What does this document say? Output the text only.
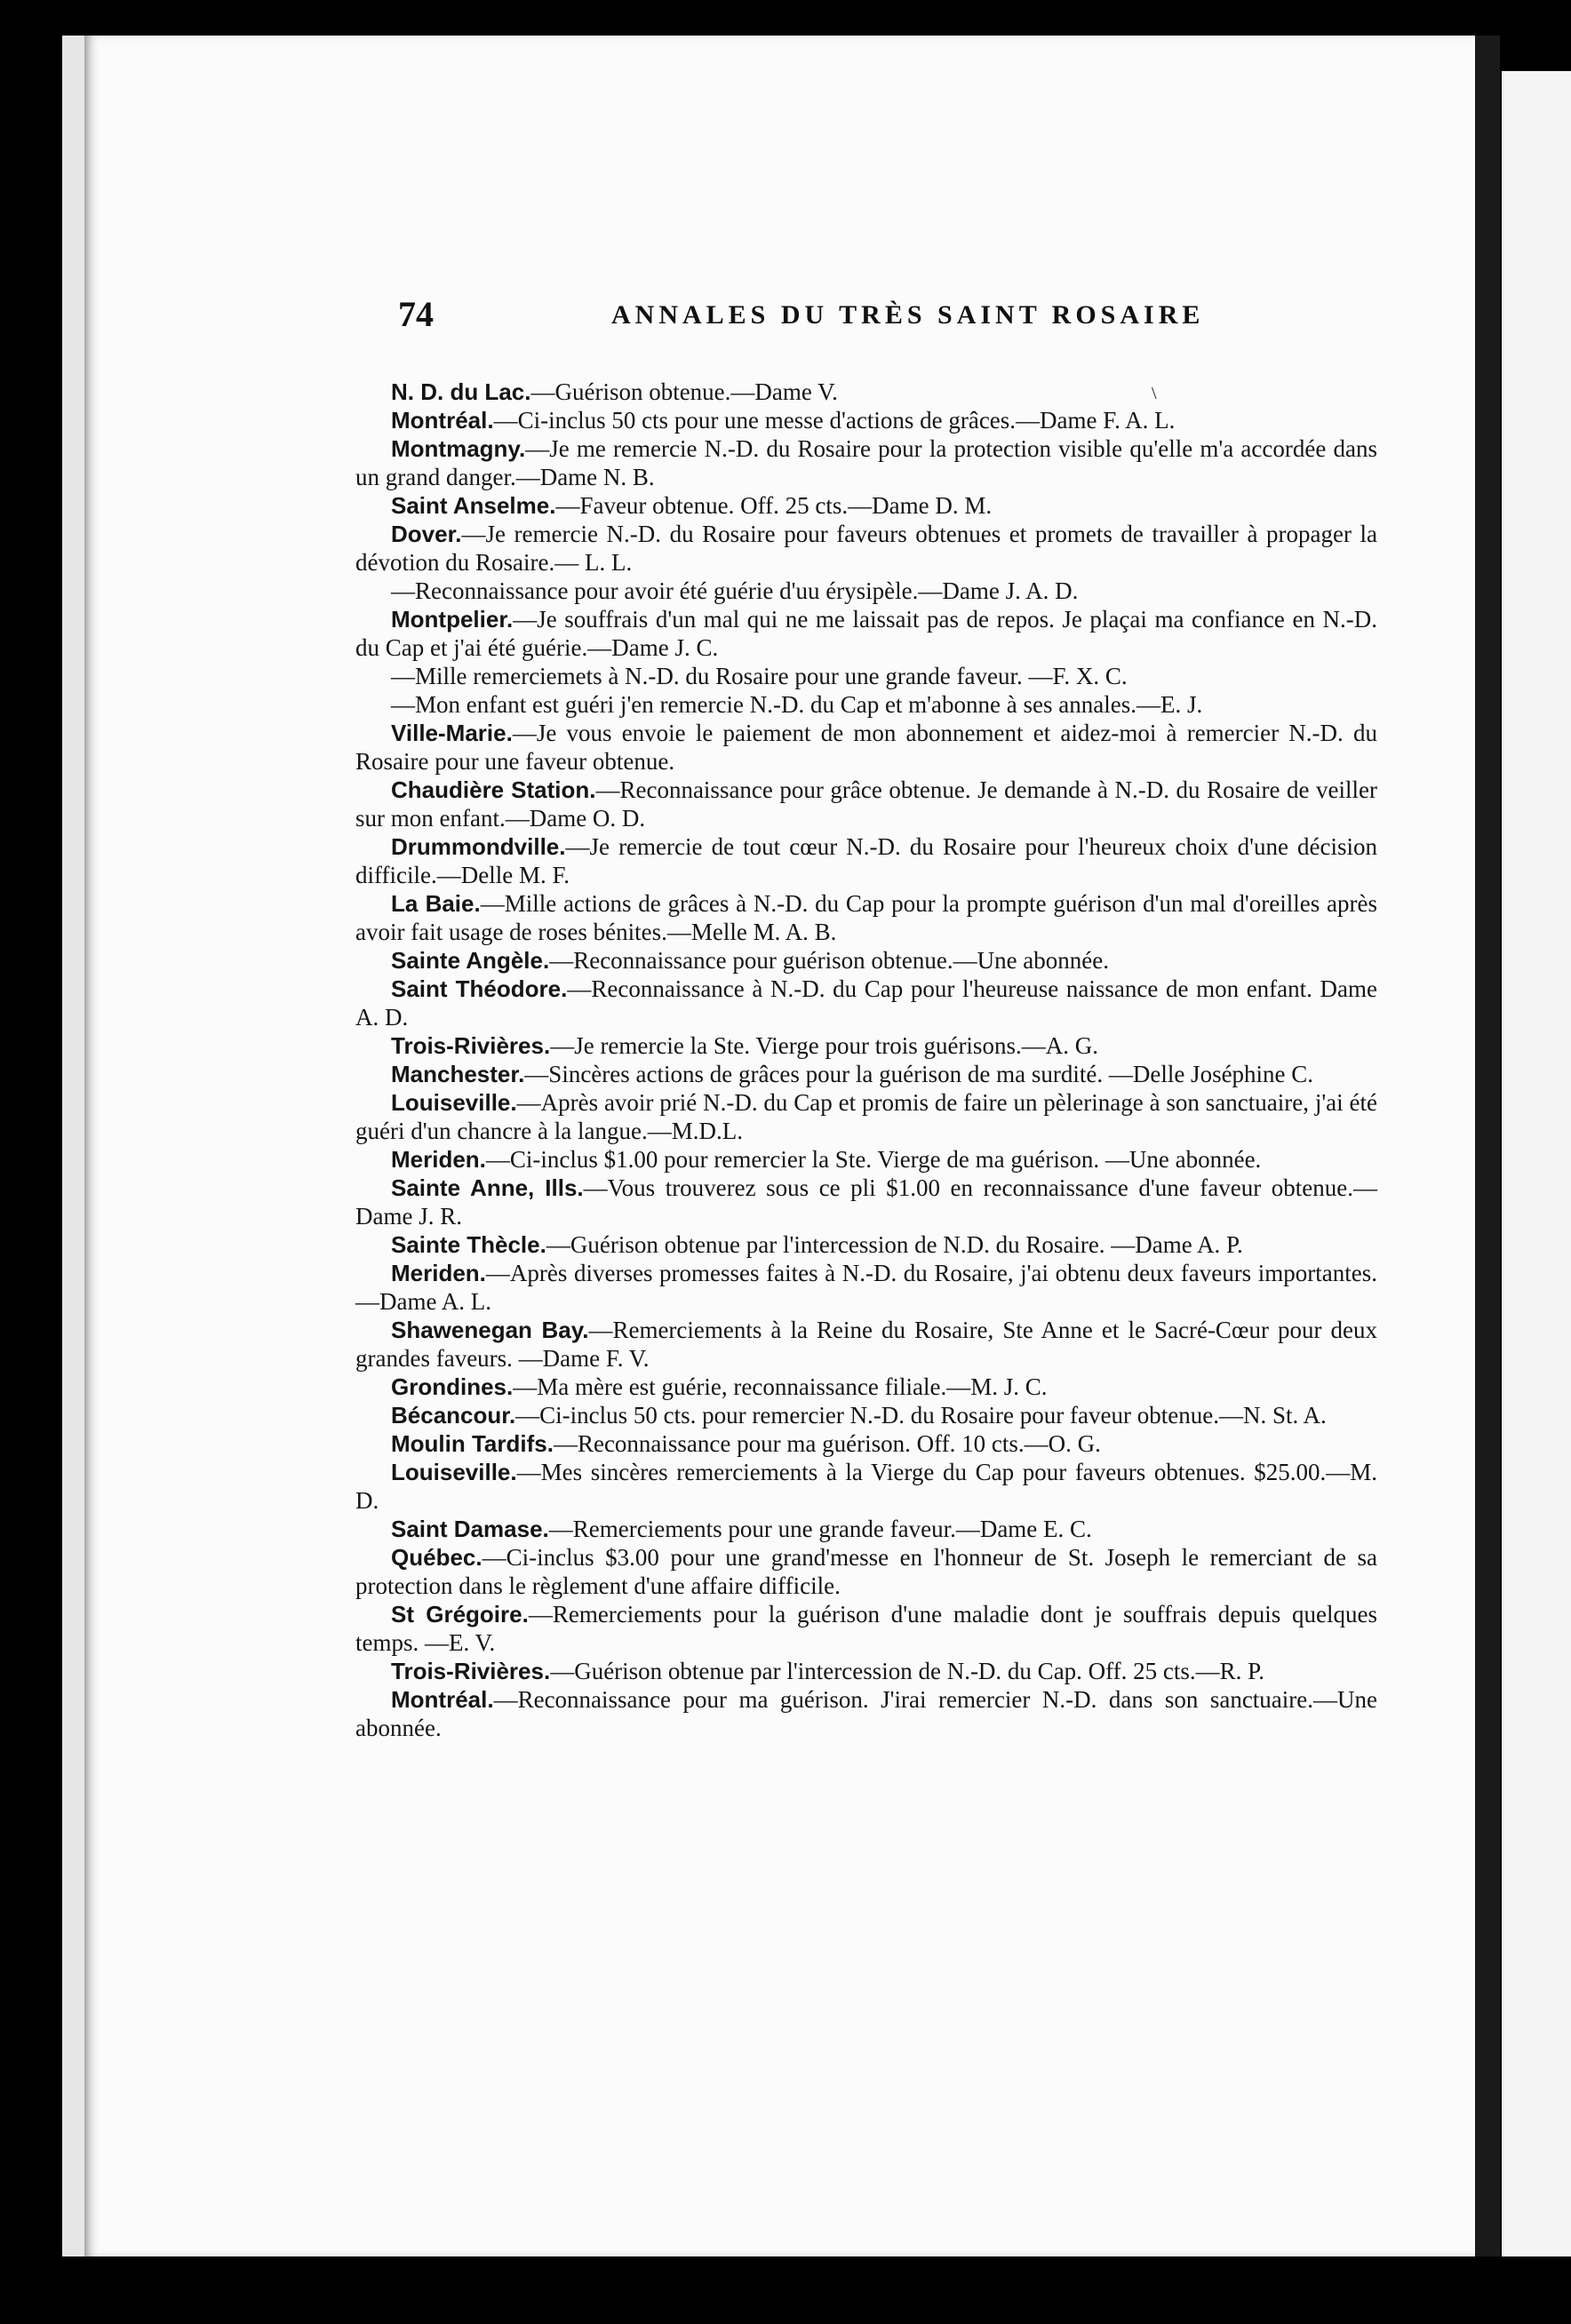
74	ANNALES DU TRÈS SAINT ROSAIRE
\

N. D. du Lac.—Guérison obtenue.—Dame V.

Montréal.—Ci-inclus 50 cts pour une messe d'actions de grâces.—Dame F. A. L.

Montmagny.—Je me remercie N.-D. du Rosaire pour la protection visible qu'elle m'a accordée dans un grand danger.—Dame N. B.

Saint Anselme.—Faveur obtenue. Off. 25 cts.—Dame D. M.

Dover.—Je remercie N.-D. du Rosaire pour faveurs obtenues et promets de travailler à propager la dévotion du Rosaire.— L. L.

—Reconnaissance pour avoir été guérie d'uu érysipèle.—Dame J. A. D.

Montpelier.—Je souffrais d'un mal qui ne me laissait pas de repos. Je plaçai ma confiance en N.-D. du Cap et j'ai été guérie.—Dame J. C.

—Mille remerciemets à N.-D. du Rosaire pour une grande faveur. —F. X. C.

—Mon enfant est guéri j'en remercie N.-D. du Cap et m'abonne à ses annales.—E. J.

Ville-Marie.—Je vous envoie le paiement de mon abonnement et aidez-moi à remercier N.-D. du Rosaire pour une faveur obtenue.

Chaudière Station.—Reconnaissance pour grâce obtenue. Je demande à N.-D. du Rosaire de veiller sur mon enfant.—Dame O. D.

Drummondville.—Je remercie de tout cœur N.-D. du Rosaire pour l'heureux choix d'une décision difficile.—Delle M. F.

La Baie.—Mille actions de grâces à N.-D. du Cap pour la prompte guérison d'un mal d'oreilles après avoir fait usage de roses bénites.—Melle M. A. B.

Sainte Angèle.—Reconnaissance pour guérison obtenue.—Une abonnée.

Saint Théodore.—Reconnaissance à N.-D. du Cap pour l'heureuse naissance de mon enfant. Dame A. D.

Trois-Rivières.—Je remercie la Ste. Vierge pour trois guérisons.—A. G.

Manchester.—Sincères actions de grâces pour la guérison de ma surdité. —Delle Joséphine C.

Louiseville.—Après avoir prié N.-D. du Cap et promis de faire un pèlerinage à son sanctuaire, j'ai été guéri d'un chancre à la langue.—M.D.L.

Meriden.—Ci-inclus $1.00 pour remercier la Ste. Vierge de ma guérison. —Une abonnée.

Sainte Anne, Ills.—Vous trouverez sous ce pli $1.00 en reconnaissance d'une faveur obtenue.—Dame J. R.

Sainte Thècle.—Guérison obtenue par l'intercession de N.D. du Rosaire. —Dame A. P.

Meriden.—Après diverses promesses faites à N.-D. du Rosaire, j'ai obtenu deux faveurs importantes.—Dame A. L.

Shawenegan Bay.—Remerciements à la Reine du Rosaire, Ste Anne et le Sacré-Cœur pour deux grandes faveurs. —Dame F. V.

Grondines.—Ma mère est guérie, reconnaissance filiale.—M. J. C.

Bécancour.—Ci-inclus 50 cts. pour remercier N.-D. du Rosaire pour faveur obtenue.—N. St. A.

Moulin Tardifs.—Reconnaissance pour ma guérison. Off. 10 cts.—O. G.

Louiseville.—Mes sincères remerciements à la Vierge du Cap pour faveurs obtenues. $25.00.—M. D.

Saint Damase.—Remerciements pour une grande faveur.—Dame E. C.

Québec.—Ci-inclus $3.00 pour une grand'messe en l'honneur de St. Joseph le remerciant de sa protection dans le règlement d'une affaire difficile.

St Grégoire.—Remerciements pour la guérison d'une maladie dont je souffrais depuis quelques temps. —E. V.

Trois-Rivières.—Guérison obtenue par l'intercession de N.-D. du Cap. Off. 25 cts.—R. P.

Montréal.—Reconnaissance pour ma guérison. J'irai remercier N.-D. dans son sanctuaire.—Une abonnée.
